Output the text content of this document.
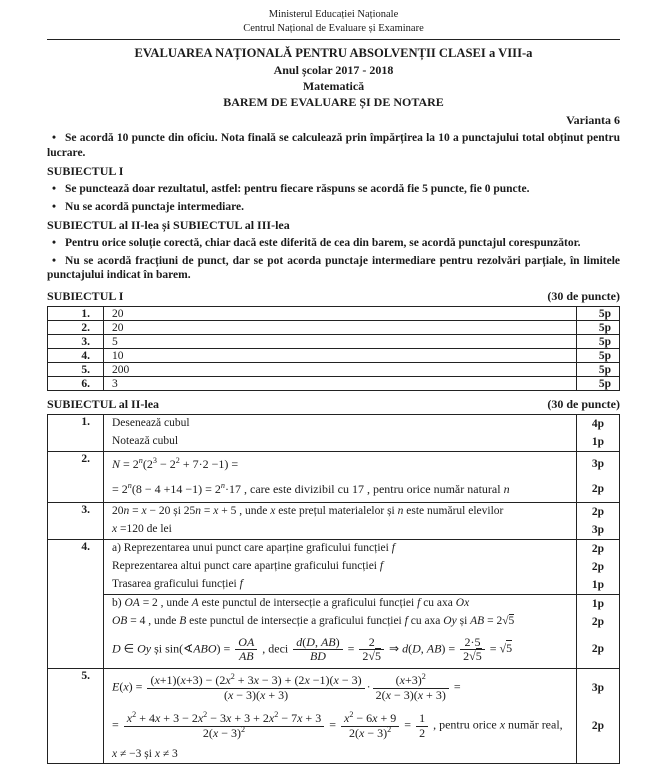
Ministerul Educației Naționale
Centrul Național de Evaluare și Examinare
EVALUAREA NAȚIONALĂ PENTRU ABSOLVENȚII CLASEI a VIII-a
Anul școlar 2017 - 2018
Matematică
BAREM DE EVALUARE ȘI DE NOTARE
Varianta 6
• Se acordă 10 puncte din oficiu. Nota finală se calculează prin împărțirea la 10 a punctajului total obținut pentru lucrare.
SUBIECTUL I
• Se punctează doar rezultatul, astfel: pentru fiecare răspuns se acordă fie 5 puncte, fie 0 puncte.
• Nu se acordă punctaje intermediare.
SUBIECTUL al II-lea și SUBIECTUL al III-lea
• Pentru orice soluție corectă, chiar dacă este diferită de cea din barem, se acordă punctajul corespunzător.
• Nu se acordă fracțiuni de punct, dar se pot acorda punctaje intermediare pentru rezolvări parțiale, în limitele punctajului indicat în barem.
SUBIECTUL I	(30 de puncte)
1.	20	5p
2.	20	5p
3.	5	5p
4.	10	5p
5.	200	5p
6.	3	5p
SUBIECTUL al II-lea	(30 de puncte)
1.	Desenează cubul	4p
Notează cubul	1p
2.	$N = 2^n(2^3 - 2^2 + 7\cdot 2 -1)$ =	3p
= $2^n(8 - 4 +14 -1) = 2^n\cdot 17$ , care este divizibil cu 17 , pentru orice număr natural n	2p
3.	20n = x − 20 și 25n = x + 5 , unde x este prețul materialelor și n este numărul elevilor	2p
x =120 de lei	3p
4.	a) Reprezentarea unui punct care aparține graficului funcției f	2p
Reprezentarea altui punct care aparține graficului funcției f	2p
Trasarea graficului funcției f	1p
b) OA = 2 , unde A este punctul de intersecție a graficului funcției f cu axa Ox	1p
OB = 4 , unde B este punctul de intersecție a graficului funcției f cu axa Oy și AB = 2√5	2p
D ∈ Oy și sin(∢ABO) = $\frac{OA}{AB}$ , deci $\frac{d(D, AB)}{BD} = \frac{2}{2√5}$ ⇒ d(D, $AB) = \frac{2\cdot 5}{2√5} = √5$	2p
5.
$E(x) = \frac{(x+1)(x+3) - (2x^2 + 3x - 3) + (2x -1)(x - 3)}{(x - 3)(x + 3)} \cdot \frac{(x+3)^2}{2(x - 3)(x + 3)}$ =	3p
= $\frac{x^2 + 4x + 3 - 2x^2 - 3x + 3 + 2x^2 - 7x + 3}{2(x - 3)^2} = \frac{x^2 - 6x + 9}{2(x - 3)^2} = \frac{1}{2}$ , pentru orice x număr real,	2p
x ≠ −3 și x ≠ 3
